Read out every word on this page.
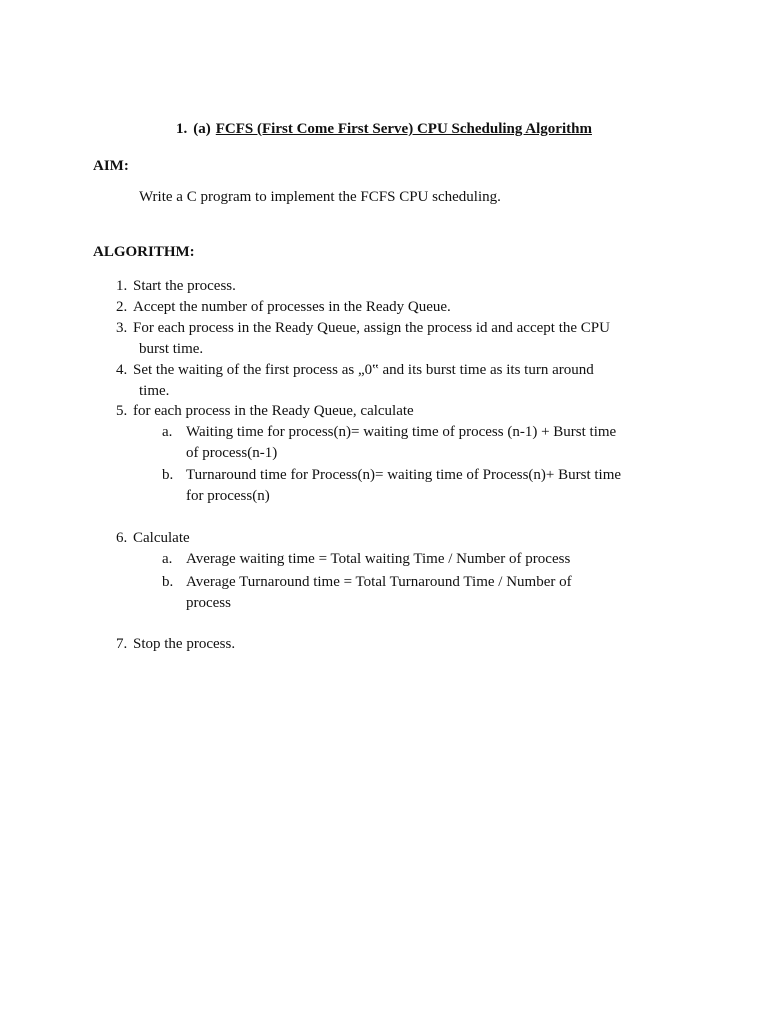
1. (a) FCFS (First Come First Serve) CPU Scheduling Algorithm
AIM:
Write a C program to implement the FCFS CPU scheduling.
ALGORITHM:
1. Start the process.
2. Accept the number of processes in the Ready Queue.
3. For each process in the Ready Queue, assign the process id and accept the CPU
burst time.
4. Set the waiting of the first process as „0‟ and its burst time as its turn around
time.
5. for each process in the Ready Queue, calculate
a. Waiting time for process(n)= waiting time of process (n-1) + Burst time
of process(n-1)
b. Turnaround time for Process(n)= waiting time of Process(n)+ Burst time
for process(n)
6. Calculate
a. Average waiting time = Total waiting Time / Number of process
b. Average Turnaround time = Total Turnaround Time / Number of
process
7. Stop the process.
